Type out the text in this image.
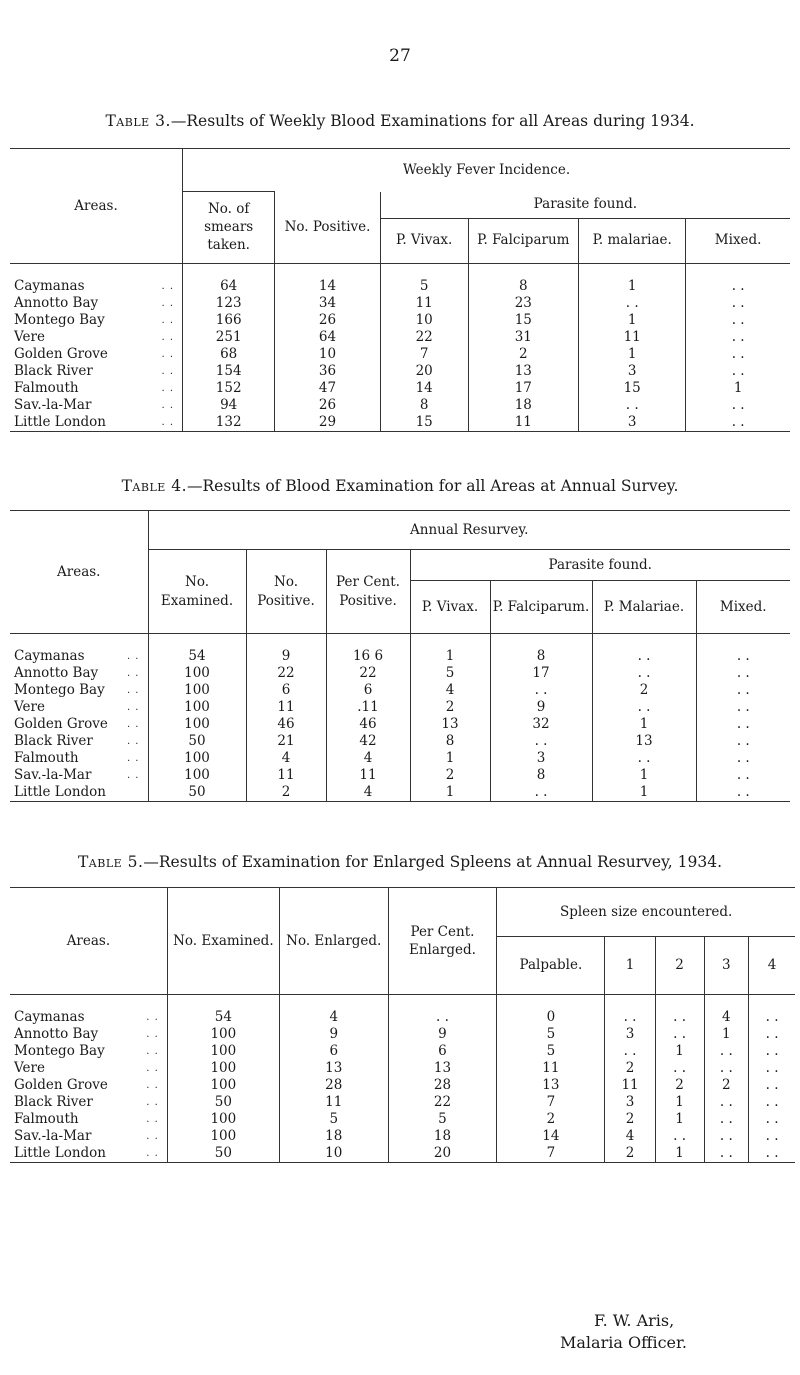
27
Table 3.—Results of Weekly Blood Examinations for all Areas during 1934.
Areas.	Weekly Fever Incidence.					
	No. of smears taken.	No. Positive.	Parasite found.			
			P. Vivax.	P. Falciparum	P. malariae.	Mixed.

Caymanas . .	64	14	5	8	1	. .
Annotto Bay . .	123	34	11	23	. .	. .
Montego Bay . .	166	26	10	15	1	. .
Vere . .	251	64	22	31	11	. .
Golden Grove . .	68	10	7	2	1	. .
Black River . .	154	36	20	13	3	. .
Falmouth . .	152	47	14	17	15	1
Sav.-la-Mar . .	94	26	8	18	. .	. .
Little London . .	132	29	15	11	3	. .
Table 4.—Results of Blood Examination for all Areas at Annual Survey.
Areas.	Annual Resurvey.						
	No. Examined.	No. Positive.	Per Cent. Positive.	Parasite found.			
				P. Vivax.	P. Falciparum.	P. Malariae.	Mixed.

Caymanas . .	54	9	16 6	1	8	. .	. .
Annotto Bay . .	100	22	22	5	17	. .	. .
Montego Bay . .	100	6	6	4	. .	2	. .
Vere . .	100	11	.11	2	9	. .	. .
Golden Grove . .	100	46	46	13	32	1	. .
Black River . .	50	21	42	8	. .	13	. .
Falmouth . .	100	4	4	1	3	. .	. .
Sav.-la-Mar . .	100	11	11	2	8	1	. .
Little London	50	2	4	1	. .	1	. .
Table 5.—Results of Examination for Enlarged Spleens at Annual Resurvey, 1934.
Areas.	No. Examined.	No. Enlarged.	Per Cent. Enlarged.	Spleen size encountered.				
				Palpable.	1	2	3	4

Caymanas . .	54	4	. .	0	. .	. .	4	. .
Annotto Bay . .	100	9	9	5	3	. .	1	. .
Montego Bay . .	100	6	6	5	. .	1	. .	. .
Vere . .	100	13	13	11	2	. .	. .	. .
Golden Grove . .	100	28	28	13	11	2	2	. .
Black River . .	50	11	22	7	3	1	. .	. .
Falmouth . .	100	5	5	2	2	1	. .	. .
Sav.-la-Mar . .	100	18	18	14	4	. .	. .	. .
Little London . .	50	10	20	7	2	1	. .	. .
F. W. Aris,
Malaria Officer.
